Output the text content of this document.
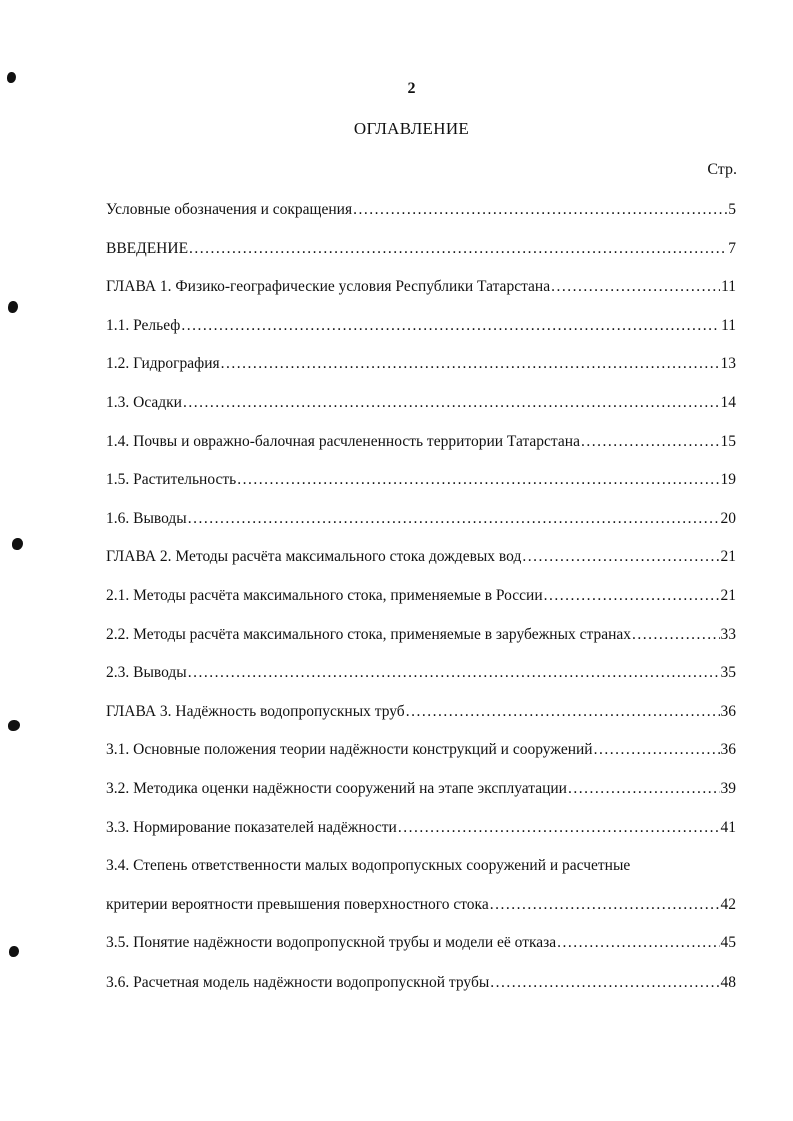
2
ОГЛАВЛЕНИЕ
Стр.
Условные обозначения и сокращения .....	5
ВВЕДЕНИЕ .....	7
ГЛАВА 1. Физико-географические условия Республики Татарстана .....	11
1.1. Рельеф .....	11
1.2. Гидрография .....	13
1.3. Осадки .....	14
1.4. Почвы и овражно-балочная расчлененность территории Татарстана .....	15
1.5. Растительность .....	19
1.6. Выводы .....	20
ГЛАВА 2. Методы расчёта максимального стока дождевых вод .....	21
2.1. Методы расчёта максимального стока, применяемые в России .....	21
2.2. Методы расчёта максимального стока, применяемые в зарубежных странах .....	33
2.3. Выводы .....	35
ГЛАВА 3. Надёжность водопропускных труб .....	36
3.1. Основные положения теории надёжности конструкций и сооружений .....	36
3.2. Методика оценки надёжности сооружений на этапе эксплуатации .....	39
3.3. Нормирование показателей надёжности .....	41
3.4. Степень ответственности малых водопропускных сооружений и расчетные
критерии вероятности превышения поверхностного стока .....	42
3.5. Понятие надёжности водопропускной трубы и модели её отказа .....	45
3.6. Расчетная модель надёжности водопропускной трубы .....	48
